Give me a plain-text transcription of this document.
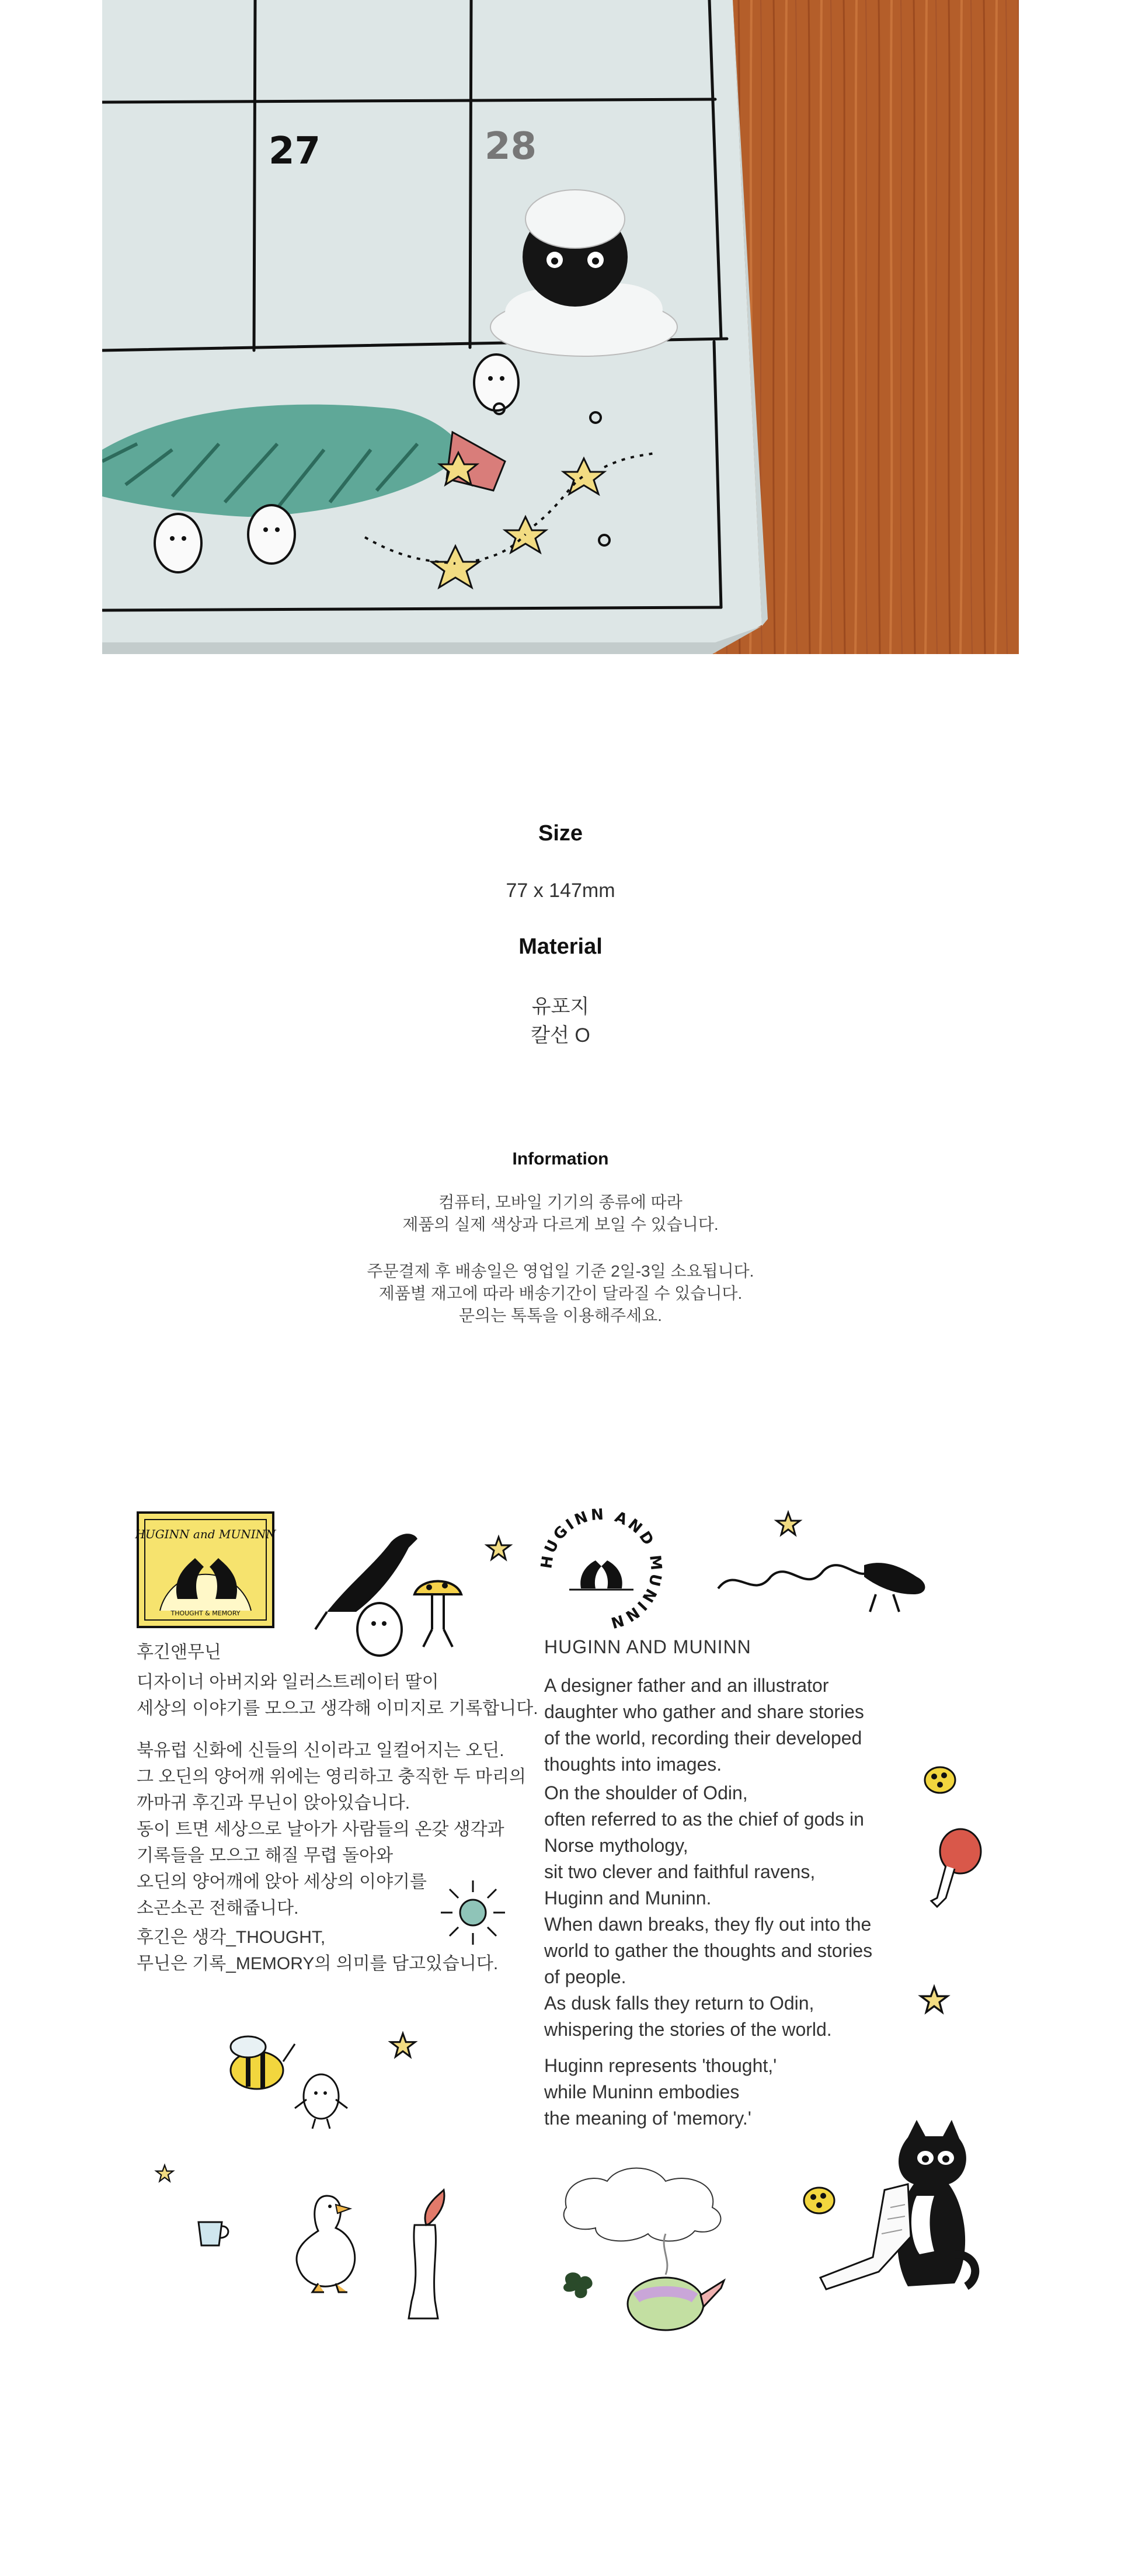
27	28
Size
77 x 147mm
Material
유포지
칼선 O
Information
컴퓨터, 모바일 기기의 종류에 따라
제품의 실제 색상과 다르게 보일 수 있습니다.
주문결제 후 배송일은 영업일 기준 2일-3일 소요됩니다.
제품별 재고에 따라 배송기간이 달라질 수 있습니다.
문의는 톡톡을 이용해주세요.
HUGINN and MUNINN
THOUGHT & MEMORY
HUGINN AND MUNINN
후긴앤무닌
디자이너 아버지와 일러스트레이터 딸이
세상의 이야기를 모으고 생각해 이미지로 기록합니다.
북유럽 신화에 신들의 신이라고 일컬어지는 오딘.
그 오딘의 양어깨 위에는 영리하고 충직한 두 마리의
까마귀 후긴과 무닌이 앉아있습니다.
동이 트면 세상으로 날아가 사람들의 온갖 생각과
기록들을 모으고 해질 무렵 돌아와
오딘의 양어깨에 앉아 세상의 이야기를
소곤소곤 전해줍니다.
후긴은 생각_THOUGHT,
무닌은 기록_MEMORY의 의미를 담고있습니다.
HUGINN AND MUNINN
A designer father and an illustrator
daughter who gather and share stories
of the world, recording their developed
thoughts into images.
On the shoulder of Odin,
often referred to as the chief of gods in
Norse mythology,
sit two clever and faithful ravens,
Huginn and Muninn.
When dawn breaks, they fly out into the
world to gather the thoughts and stories
of people.
As dusk falls they return to Odin,
whispering the stories of the world.
Huginn represents 'thought,'
while Muninn embodies
the meaning of 'memory.'
